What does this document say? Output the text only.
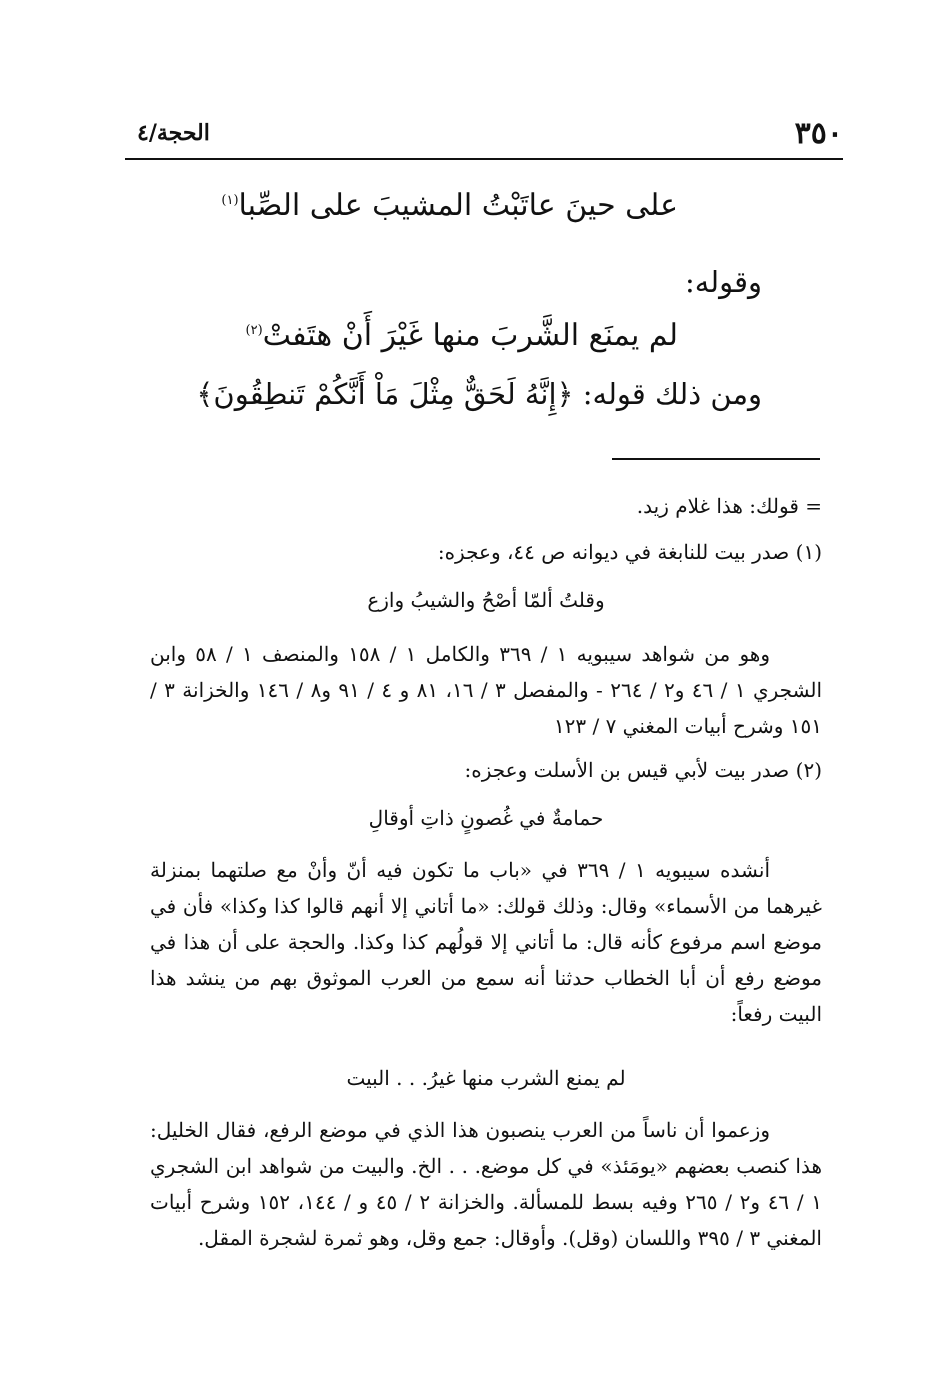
٣٥٠
الحجة/٤
على حينَ عاتَبْتُ المشيبَ على الصِّبا$^{(١)}$
وقوله:
لم يمنَع الشَّربَ منها غَيْرَ أَنْ هتَفتْ$^{(٢)}$
ومن ذلك قوله: ﴿إِنَّهُ لَحَقٌّ مِثْلَ مَاْ أَنَّكُمْ تَنطِقُونَ﴾
= قولك: هذا غلام زيد.
(١) صدر بيت للنابغة في ديوانه ص ٤٤، وعجزه:
وقلتُ ألمّا أصْحُ والشيبُ وازع
وهو من شواهد سيبويه ١ / ٣٦٩ والكامل ١ / ١٥٨ والمنصف ١ / ٥٨ وابن الشجري ١ / ٤٦ و٢ / ٢٦٤ - والمفصل ٣ / ١٦، ٨١ و ٤ / ٩١ و٨ / ١٤٦ والخزانة ٣ / ١٥١ وشرح أبيات المغني ٧ / ١٢٣
(٢) صدر بيت لأبي قيس بن الأسلت وعجزه:
حمامةٌ في غُصونٍ ذاتِ أوقالِ
أنشده سيبويه ١ / ٣٦٩ في «باب ما تكون فيه أنّ وأنْ مع صلتهما بمنزلة غيرهما من الأسماء» وقال: وذلك قولك: «ما أتاني إلا أنهم قالوا كذا وكذا» فأن في موضع اسم مرفوع كأنه قال: ما أتاني إلا قولُهم كذا وكذا. والحجة على أن هذا في موضع رفع أن أبا الخطاب حدثنا أنه سمع من العرب الموثوق بهم من ينشد هذا البيت رفعاً:
لم يمنع الشرب منها غيرُ. . . البيت
وزعموا أن ناساً من العرب ينصبون هذا الذي في موضع الرفع، فقال الخليل: هذا كنصب بعضهم «يومَئذ» في كل موضع. . . الخ. والبيت من شواهد ابن الشجري ١ / ٤٦ و٢ / ٢٦٥ وفيه بسط للمسألة. والخزانة ٢ / ٤٥ و / ١٤٤، ١٥٢ وشرح أبيات المغني ٣ / ٣٩٥ واللسان (وقل). وأوقال: جمع وقل، وهو ثمرة لشجرة المقل.
